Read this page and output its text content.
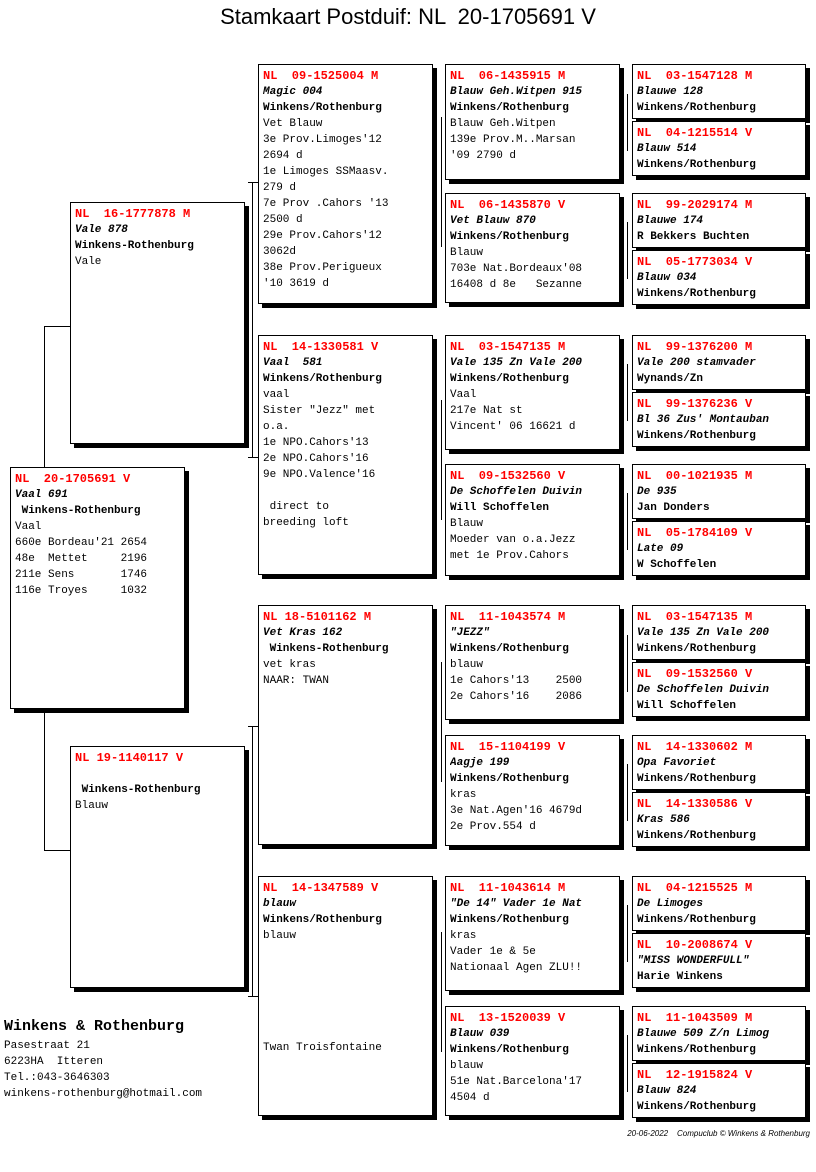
Stamkaart Postduif: NL  20-1705691 V
NL  20-1705691 V
Vaal 691
Winkens-Rothenburg
Vaal
660e Bordeau'21 2654
48e  Mettet     2196
211e Sens       1746
116e Troyes     1032
NL  16-1777878 M
Vale 878
Winkens-Rothenburg
Vale
NL 19-1140117 V
Winkens-Rothenburg
Blauw
NL  09-1525004 M
Magic 004
Winkens/Rothenburg
Vet Blauw
3e Prov.Limoges'12
2694 d
1e Limoges SSMaasv.
279 d
7e Prov .Cahors '13
2500 d
29e Prov.Cahors'12
3062d
38e Prov.Perigueux
'10 3619 d
NL  14-1330581 V
Vaal  581
Winkens/Rothenburg
vaal
Sister "Jezz" met
o.a.
1e NPO.Cahors'13
2e NPO.Cahors'16
9e NPO.Valence'16
direct to
breeding loft
NL 18-5101162 M
Vet Kras 162
Winkens-Rothenburg
vet kras
NAAR: TWAN
NL  14-1347589 V
blauw
Winkens/Rothenburg
blauw
Twan Troisfontaine
NL  06-1435915 M
Blauw Geh.Witpen 915
Winkens/Rothenburg
Blauw Geh.Witpen
139e Prov.M..Marsan
'09 2790 d
NL  06-1435870 V
Vet Blauw 870
Winkens/Rothenburg
Blauw
703e Nat.Bordeaux'08
16408 d 8e   Sezanne
NL  03-1547135 M
Vale 135 Zn Vale 200
Winkens/Rothenburg
Vaal
217e Nat st
Vincent' 06 16621 d
NL  09-1532560 V
De Schoffelen Duivin
Will Schoffelen
Blauw
Moeder van o.a.Jezz
met 1e Prov.Cahors
NL  11-1043574 M
"JEZZ"
Winkens/Rothenburg
blauw
1e Cahors'13    2500
2e Cahors'16    2086
NL  15-1104199 V
Aagje 199
Winkens/Rothenburg
kras
3e Nat.Agen'16 4679d
2e Prov.554 d
NL  11-1043614 M
"De 14" Vader 1e Nat
Winkens/Rothenburg
kras
Vader 1e & 5e
Nationaal Agen ZLU!!
NL  13-1520039 V
Blauw 039
Winkens/Rothenburg
blauw
51e Nat.Barcelona'17
4504 d
NL  03-1547128 M
Blauwe 128
Winkens/Rothenburg
NL  04-1215514 V
Blauw 514
Winkens/Rothenburg
NL  99-2029174 M
Blauwe 174
R Bekkers Buchten
NL  05-1773034 V
Blauw 034
Winkens/Rothenburg
NL  99-1376200 M
Vale 200 stamvader
Wynands/Zn
NL  99-1376236 V
Bl 36 Zus' Montauban
Winkens/Rothenburg
NL  00-1021935 M
De 935
Jan Donders
NL  05-1784109 V
Late 09
W Schoffelen
NL  03-1547135 M
Vale 135 Zn Vale 200
Winkens/Rothenburg
NL  09-1532560 V
De Schoffelen Duivin
Will Schoffelen
NL  14-1330602 M
Opa Favoriet
Winkens/Rothenburg
NL  14-1330586 V
Kras 586
Winkens/Rothenburg
NL  04-1215525 M
De Limoges
Winkens/Rothenburg
NL  10-2008674 V
"MISS WONDERFULL"
Harie Winkens
NL  11-1043509 M
Blauwe 509 Z/n Limog
Winkens/Rothenburg
NL  12-1915824 V
Blauw 824
Winkens/Rothenburg
Winkens & Rothenburg
Pasestraat 21
6223HA  Itteren
Tel.:043-3646303
winkens-rothenburg@hotmail.com
20-06-2022    Compuclub © Winkens & Rothenburg
